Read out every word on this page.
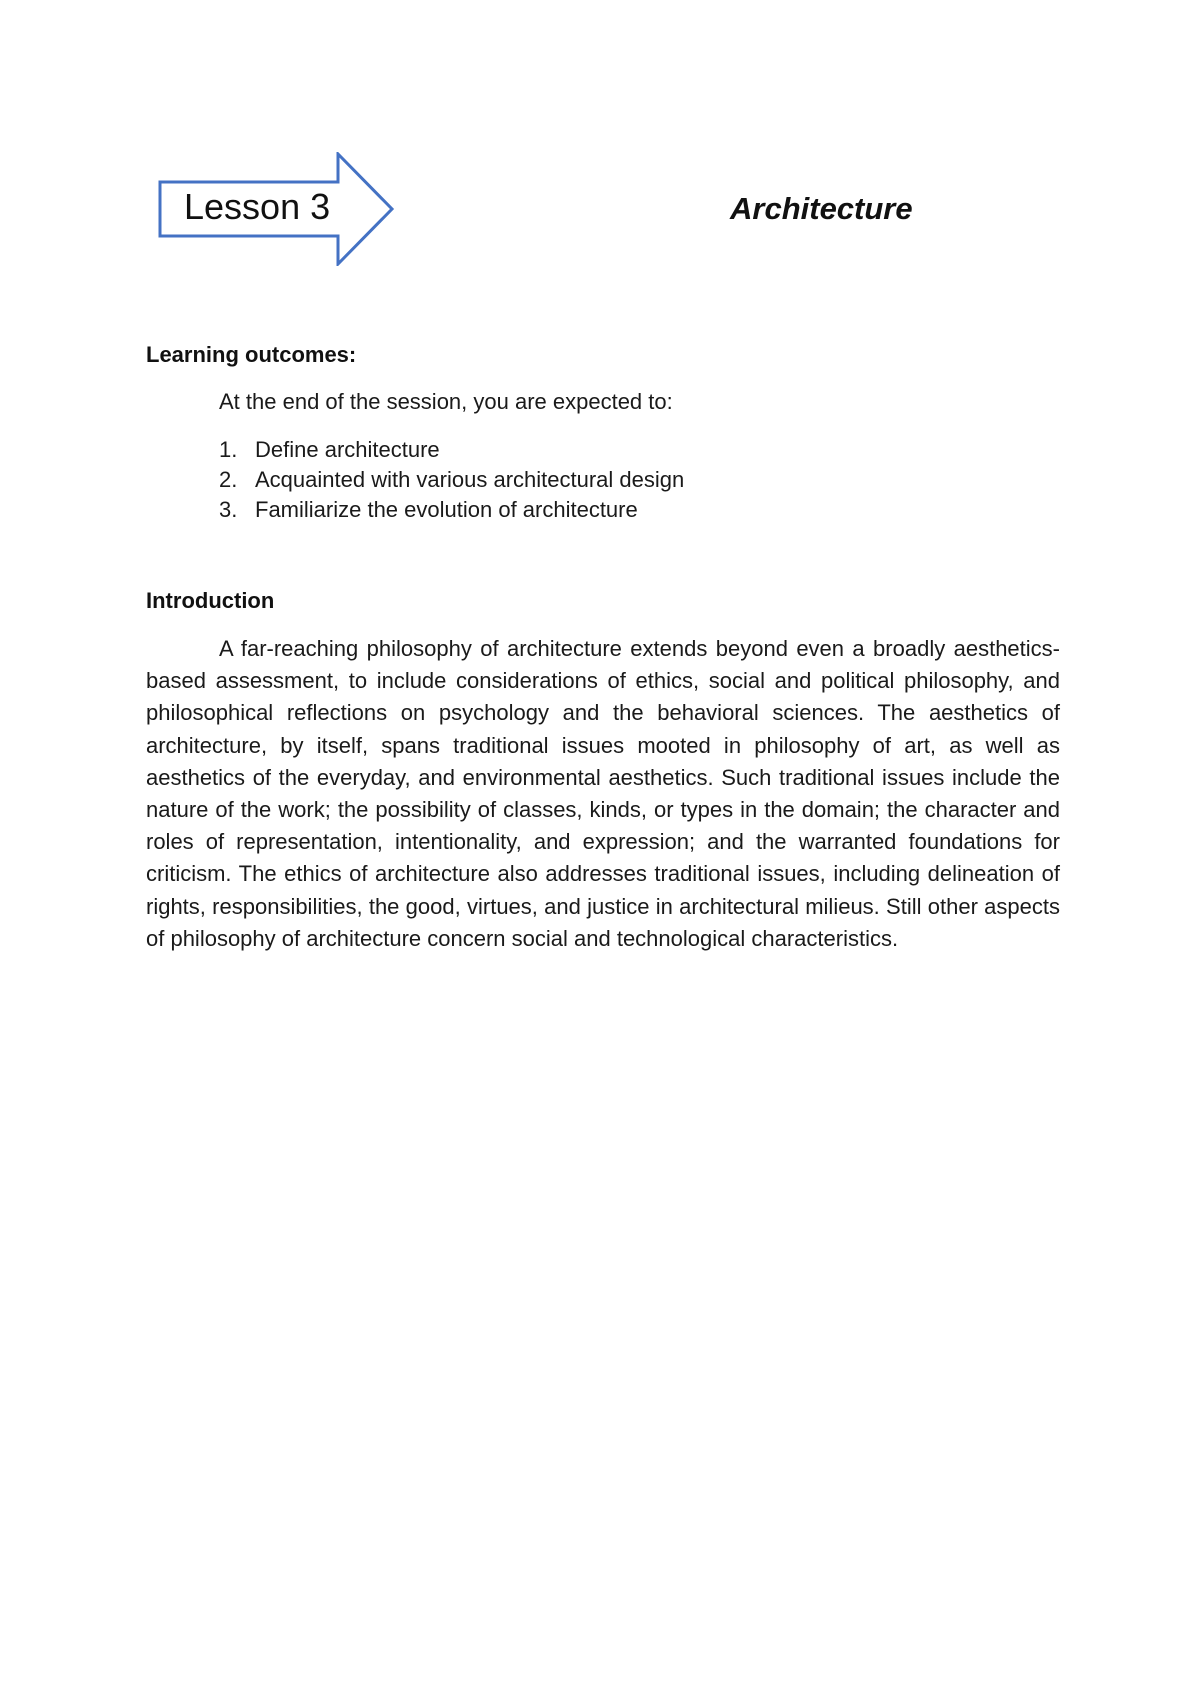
Lesson 3	Architecture
Learning outcomes:
At the end of the session, you are expected to:
1. Define architecture
2. Acquainted with various architectural design
3. Familiarize the evolution of architecture
Introduction

A far-reaching philosophy of architecture extends beyond even a broadly aesthetics-based assessment, to include considerations of ethics, social and political philosophy, and philosophical reflections on psychology and the behavioral sciences. The aesthetics of architecture, by itself, spans traditional issues mooted in philosophy of art, as well as aesthetics of the everyday, and environmental aesthetics. Such traditional issues include the nature of the work; the possibility of classes, kinds, or types in the domain; the character and roles of representation, intentionality, and expression; and the warranted foundations for criticism. The ethics of architecture also addresses traditional issues, including delineation of rights, responsibilities, the good, virtues, and justice in architectural milieus. Still other aspects of philosophy of architecture concern social and technological characteristics.
